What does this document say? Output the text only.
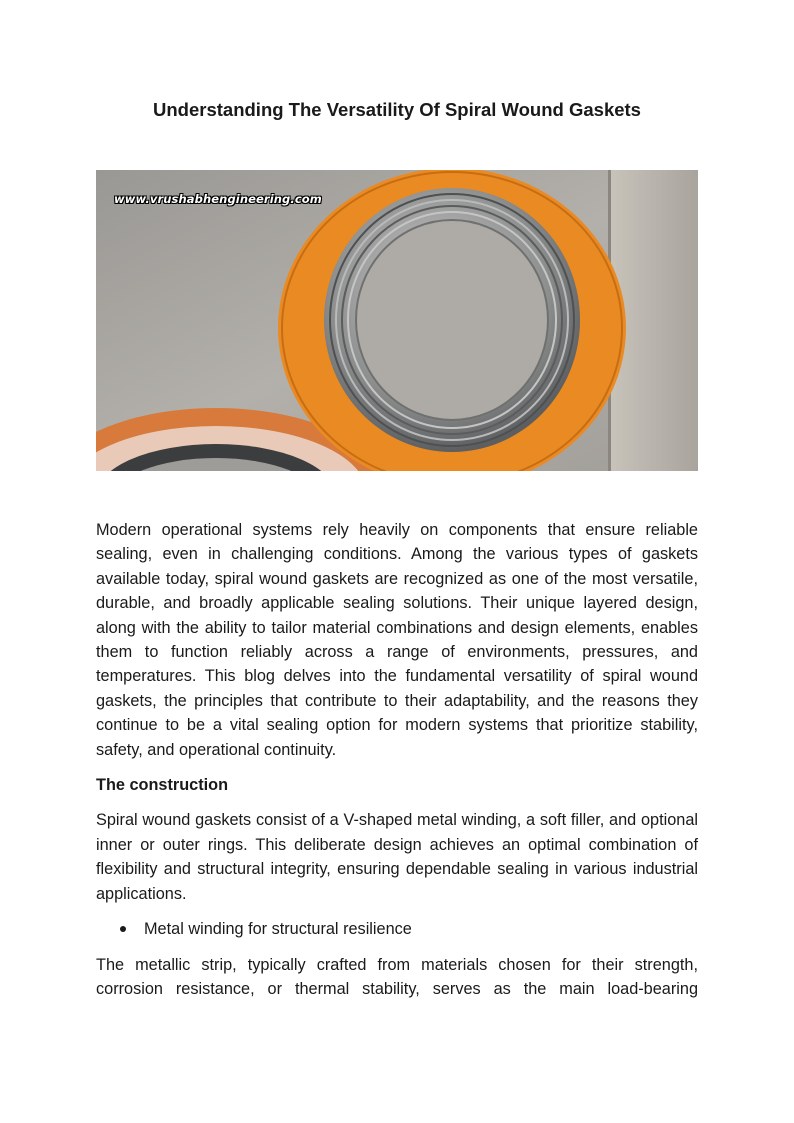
Understanding The Versatility Of Spiral Wound Gaskets
www.vrushabhengineering.com

Modern operational systems rely heavily on components that ensure reliable sealing, even in challenging conditions. Among the various types of gaskets available today, spiral wound gaskets are recognized as one of the most versatile, durable, and broadly applicable sealing solutions. Their unique layered design, along with the ability to tailor material combinations and design elements, enables them to function reliably across a range of environments, pressures, and temperatures. This blog delves into the fundamental versatility of spiral wound gaskets, the principles that contribute to their adaptability, and the reasons they continue to be a vital sealing option for modern systems that prioritize stability, safety, and operational continuity.

The construction

Spiral wound gaskets consist of a V-shaped metal winding, a soft filler, and optional inner or outer rings. This deliberate design achieves an optimal combination of flexibility and structural integrity, ensuring dependable sealing in various industrial applications.

Metal winding for structural resilience

The metallic strip, typically crafted from materials chosen for their strength, corrosion resistance, or thermal stability, serves as the main load-bearing
